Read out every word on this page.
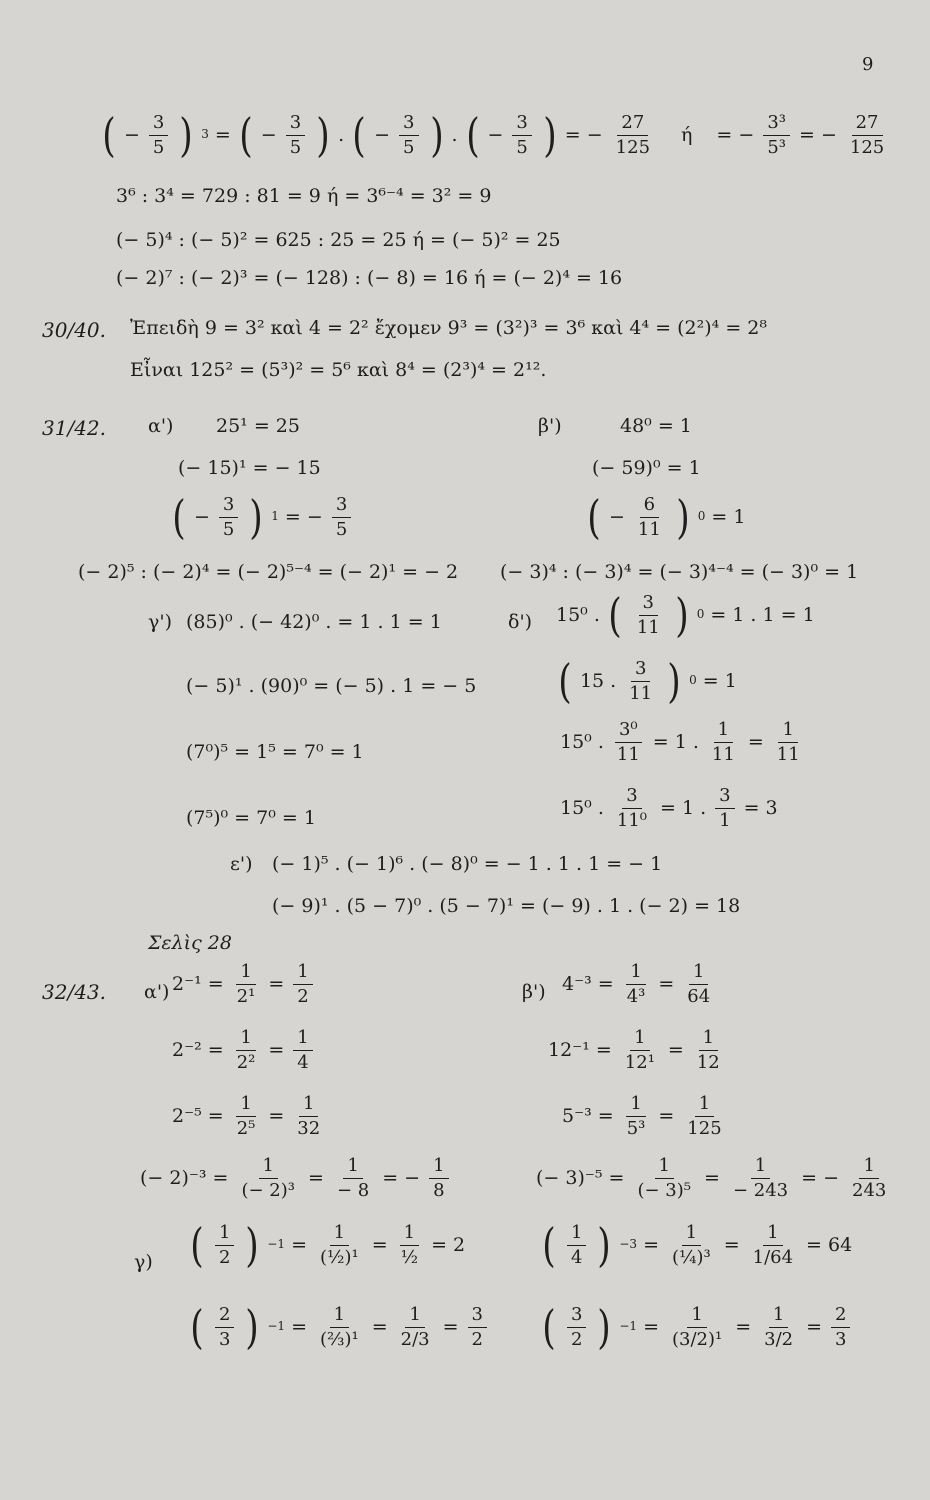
9
( − $\frac{3}{5}$ ) 3 = ( − $\frac{3}{5}$ ) . ( − $\frac{3}{5}$ ) . ( − $\frac{3}{5}$ ) = − $\frac{27}{125}$ ή = − $\frac{\text{3³}}{\text{5³}}$ = − $\frac{27}{125}$
3⁶ : 3⁴ = 729 : 81 = 9 ή = 3⁶⁻⁴ = 3² = 9
(− 5)⁴ : (− 5)² = 625 : 25 = 25 ή = (− 5)² = 25
(− 2)⁷ : (− 2)³ = (− 128) : (− 8) = 16 ή = (− 2)⁴ = 16
30/40. Ἐπειδὴ 9 = 3² καὶ 4 = 2² ἔχομεν 9³ = (3²)³ = 3⁶ καὶ 4⁴ = (2²)⁴ = 2⁸
Εἶναι 125² = (5³)² = 5⁶ καὶ 8⁴ = (2³)⁴ = 2¹².
31/42. α') 25¹ = 25
(− 15)¹ = − 15
( − $\frac{3}{5}$ ) 1 = − $\frac{3}{5}$
(− 2)⁵ : (− 2)⁴ = (− 2)⁵⁻⁴ = (− 2)¹ = − 2
β')	48⁰ = 1
(− 59)⁰ = 1
( − $\frac{6}{11}$ ) 0 = 1
(− 3)⁴ : (− 3)⁴ = (− 3)⁴⁻⁴ = (− 3)⁰ = 1
γ') (85)⁰ . (− 42)⁰ . = 1 . 1 = 1
(− 5)¹ . (90)⁰ = (− 5) . 1 = − 5
(7⁰)⁵ = 1⁵ = 7⁰ = 1
(7⁵)⁰ = 7⁰ = 1
δ') 15⁰ . ( $\frac{3}{11}$ ) 0 = 1 . 1 = 1
( 15 . $\frac{3}{11}$ ) 0 = 1
15⁰ . $\frac{\text{3⁰}}{11} = 1$ . $\frac{1}{11} = \frac{1}{11}$
15⁰ . $\frac{3}{\text{11⁰}} = 1$ . $\frac{3}{1} = 3$
ε') (− 1)⁵ . (− 1)⁶ . (− 8)⁰ = − 1 . 1 . 1 = − 1
(− 9)¹ . (5 − 7)⁰ . (5 − 7)¹ = (− 9) . 1 . (− 2) = 18
Σελὶς 28
32/43. α') $2^{-1} = \frac{1}{\text{2¹}} = \frac{1}{2}$
$2^{-2} = \frac{1}{\text{2²}} = \frac{1}{4}$
$2^{-5} = \frac{1}{\text{2⁵}} = \frac{1}{32}$
β') $4^{-3} = \frac{1}{\text{4³}} = \frac{1}{64}$
$12^{-1} = \frac{1}{\text{12¹}} = \frac{1}{12}$
$5^{-3} = \frac{1}{\text{5³}} = \frac{1}{125}$
(− $2)^{-3} = \frac{1}{\text{(− 2)³}} = \frac{1}{- 8}$ = − $\frac{1}{8}$	(− $3)^{-5} = \frac{1}{\text{(− 3)⁵}} = \frac{1}{- 243}$ = − $\frac{1}{243}$
γ) ( $\frac{1}{2}$ ) $-1 = \frac{1}{\text{(½)¹}} = \frac{1}{\text{½}} = 2$ ( $\frac{1}{4}$ ) $-3 = \frac{1}{\text{(¼)³}} = \frac{1}{1/64} = 64$
( $\frac{2}{3}$ ) $-1 = \frac{1}{\text{(⅔)¹}} = \frac{1}{2/3} = \frac{3}{2}$ ( $\frac{3}{2}$ ) $-1 = \frac{1}{\text{(3/2)¹}} = \frac{1}{3/2} = \frac{2}{3}$
